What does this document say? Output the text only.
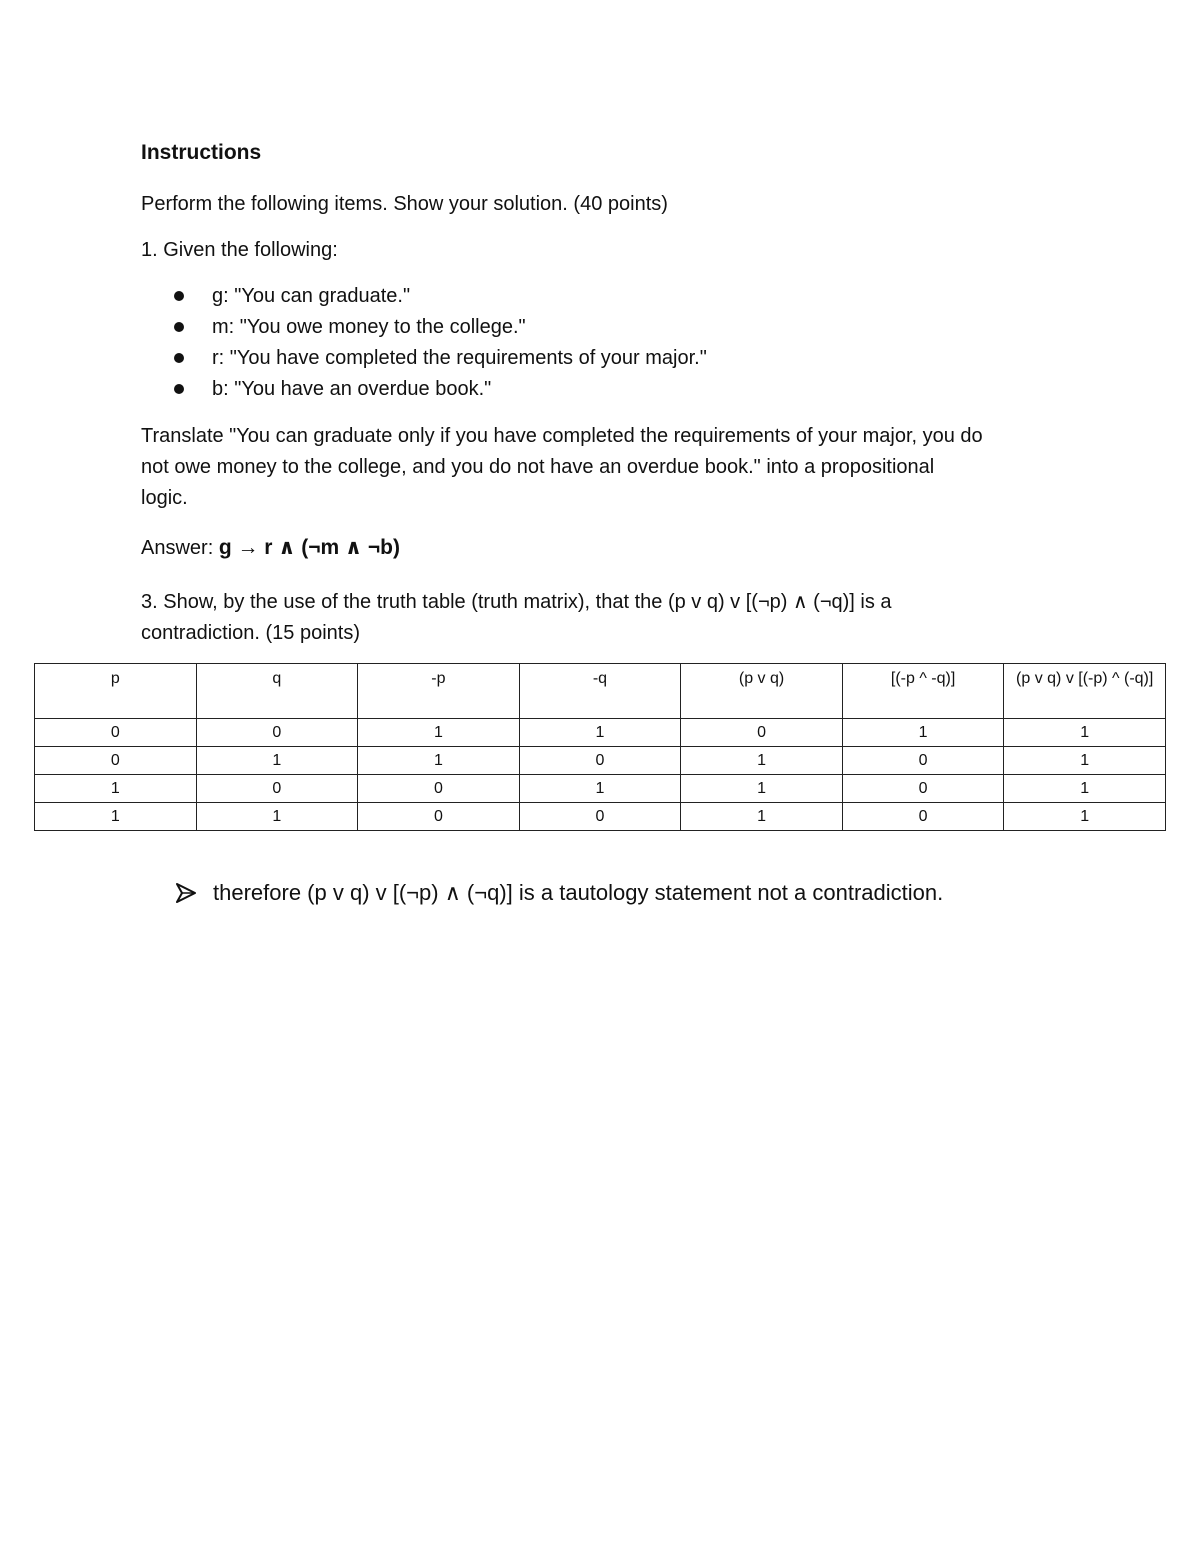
Instructions
Perform the following items. Show your solution. (40 points)
1. Given the following:
g: "You can graduate."
m: "You owe money to the college."
r: "You have completed the requirements of your major."
b: "You have an overdue book."
Translate "You can graduate only if you have completed the requirements of your major, you do
not owe money to the college, and you do not have an overdue book." into a propositional
logic.
Answer: g → r ∧ (¬m ∧ ¬b)
3. Show, by the use of the truth table (truth matrix), that the (p v q) v [(¬p) ∧ (¬q)] is a
contradiction. (15 points)
p	q	-p	-q	(p v q)	[(-p ^ -q)]	(p v q) v [(-p) ^ (-q)]
0	0	1	1	0	1	1
0	1	1	0	1	0	1
1	0	0	1	1	0	1
1	1	0	0	1	0	1
therefore (p v q) v [(¬p) ∧ (¬q)] is a tautology statement not a contradiction.
